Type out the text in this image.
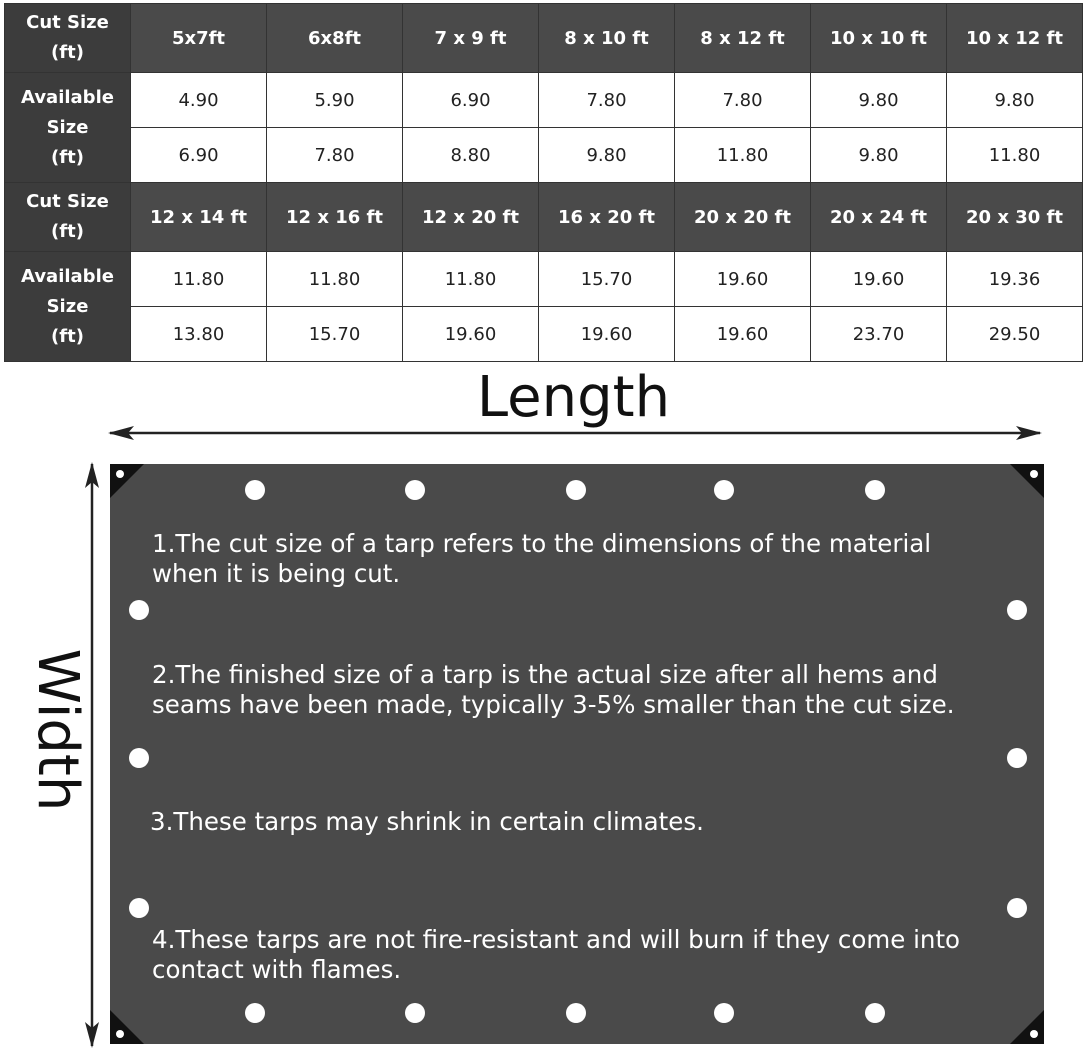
Cut Size
(ft)	5x7ft	6x8ft	7 x 9 ft	8 x 10 ft	8 x 12 ft	10 x 10 ft	10 x 12 ft

Available
Size
(ft)	4.90	5.90	6.90	7.80	7.80	9.80	9.80
	6.90	7.80	8.80	9.80	11.80	9.80	11.80

Cut Size
(ft)	12 x 14 ft	12 x 16 ft	12 x 20 ft	16 x 20 ft	20 x 20 ft	20 x 24 ft	20 x 30 ft

Available
Size
(ft)	11.80	11.80	11.80	15.70	19.60	19.60	19.36
	13.80	15.70	19.60	19.60	19.60	23.70	29.50
Length
Width
1.The cut size of a tarp refers to the dimensions of the material
when it is being cut.
2.The finished size of a tarp is the actual size after all hems and
seams have been made, typically 3-5% smaller than the cut size.
3.These tarps may shrink in certain climates.
4.These tarps are not fire-resistant and will burn if they come into
contact with flames.
